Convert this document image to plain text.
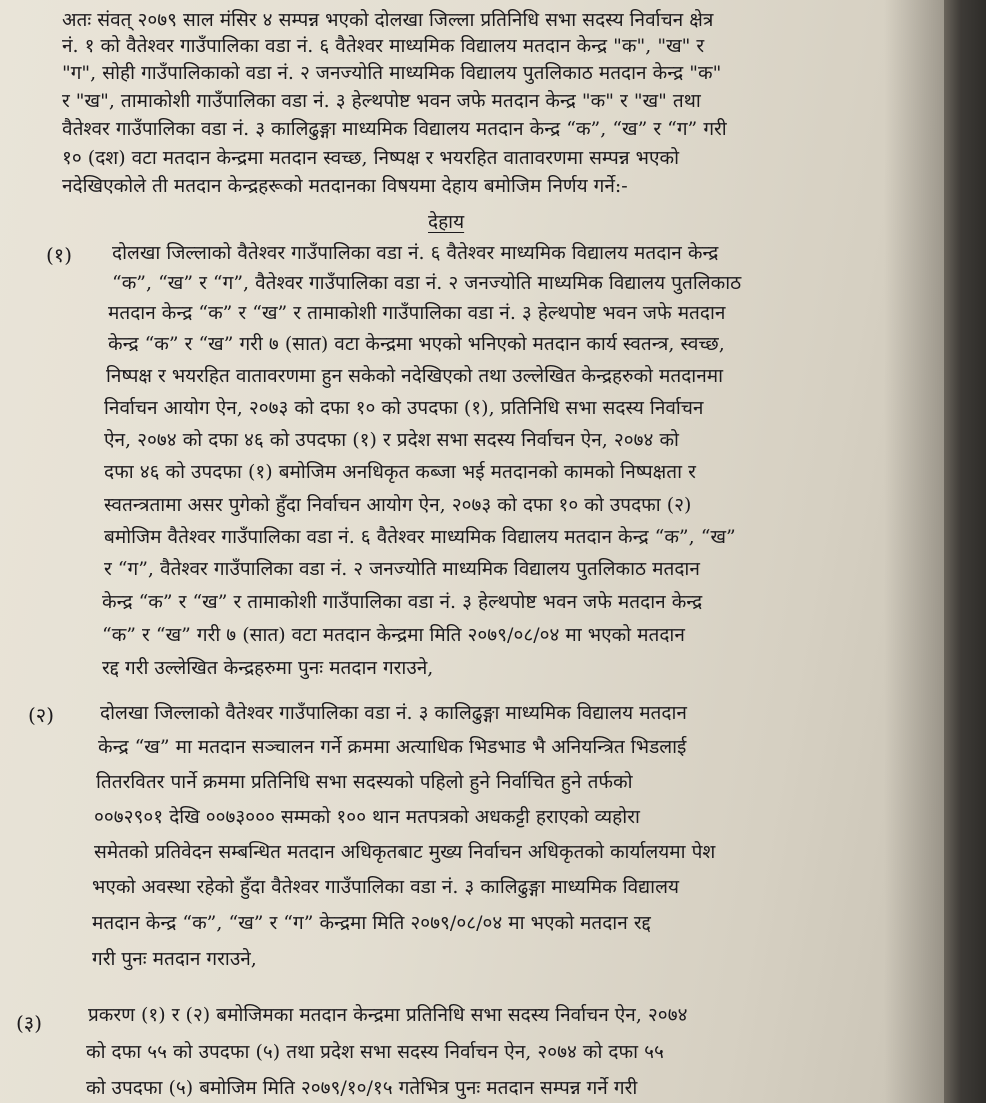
अतः संवत् २०७९ साल मंसिर ४ सम्पन्न भएको दोलखा जिल्ला प्रतिनिधि सभा सदस्य निर्वाचन क्षेत्र
नं. १ को वैतेश्वर गाउँपालिका वडा नं. ६ वैतेश्वर माध्यमिक विद्यालय मतदान केन्द्र "क", "ख" र
"ग", सोही गाउँपालिकाको वडा नं. २ जनज्योति माध्यमिक विद्यालय पुतलिकाठ मतदान केन्द्र "क"
र "ख", तामाकोशी गाउँपालिका वडा नं. ३ हेल्थपोष्ट भवन जफे मतदान केन्द्र "क" र "ख" तथा
वैतेश्वर गाउँपालिका वडा नं. ३ कालिढुङ्गा माध्यमिक विद्यालय मतदान केन्द्र “क”, “ख” र “ग” गरी
१० (दश) वटा मतदान केन्द्रमा मतदान स्वच्छ, निष्पक्ष र भयरहित वातावरणमा सम्पन्न भएको
नदेखिएकोले ती मतदान केन्द्रहरूको मतदानका विषयमा देहाय बमोजिम निर्णय गर्ने:-
देहाय
(१) दोलखा जिल्लाको वैतेश्वर गाउँपालिका वडा नं. ६ वैतेश्वर माध्यमिक विद्यालय मतदान केन्द्र
“क”, “ख” र “ग”, वैतेश्वर गाउँपालिका वडा नं. २ जनज्योति माध्यमिक विद्यालय पुतलिकाठ
मतदान केन्द्र “क” र “ख” र तामाकोशी गाउँपालिका वडा नं. ३ हेल्थपोष्ट भवन जफे मतदान
केन्द्र “क” र “ख” गरी ७ (सात) वटा केन्द्रमा भएको भनिएको मतदान कार्य स्वतन्त्र, स्वच्छ,
निष्पक्ष र भयरहित वातावरणमा हुन सकेको नदेखिएको तथा उल्लेखित केन्द्रहरुको मतदानमा
निर्वाचन आयोग ऐन, २०७३ को दफा १० को उपदफा (१), प्रतिनिधि सभा सदस्य निर्वाचन
ऐन, २०७४ को दफा ४६ को उपदफा (१) र प्रदेश सभा सदस्य निर्वाचन ऐन, २०७४ को
दफा ४६ को उपदफा (१) बमोजिम अनधिकृत कब्जा भई मतदानको कामको निष्पक्षता र
स्वतन्त्रतामा असर पुगेको हुँदा निर्वाचन आयोग ऐन, २०७३ को दफा १० को उपदफा (२)
बमोजिम वैतेश्वर गाउँपालिका वडा नं. ६ वैतेश्वर माध्यमिक विद्यालय मतदान केन्द्र “क”, “ख”
र “ग”, वैतेश्वर गाउँपालिका वडा नं. २ जनज्योति माध्यमिक विद्यालय पुतलिकाठ मतदान
केन्द्र “क” र “ख” र तामाकोशी गाउँपालिका वडा नं. ३ हेल्थपोष्ट भवन जफे मतदान केन्द्र
“क” र “ख” गरी ७ (सात) वटा मतदान केन्द्रमा मिति २०७९/०८/०४ मा भएको मतदान
रद्द गरी उल्लेखित केन्द्रहरुमा पुनः मतदान गराउने,
(२) दोलखा जिल्लाको वैतेश्वर गाउँपालिका वडा नं. ३ कालिढुङ्गा माध्यमिक विद्यालय मतदान
केन्द्र “ख” मा मतदान सञ्चालन गर्ने क्रममा अत्याधिक भिडभाड भै अनियन्त्रित भिडलाई
तितरवितर पार्ने क्रममा प्रतिनिधि सभा सदस्यको पहिलो हुने निर्वाचित हुने तर्फको
००७२९०१ देखि ००७३००० सम्मको १०० थान मतपत्रको अधकट्टी हराएको व्यहोरा
समेतको प्रतिवेदन सम्बन्धित मतदान अधिकृतबाट मुख्य निर्वाचन अधिकृतको कार्यालयमा पेश
भएको अवस्था रहेको हुँदा वैतेश्वर गाउँपालिका वडा नं. ३ कालिढुङ्गा माध्यमिक विद्यालय
मतदान केन्द्र “क”, “ख” र “ग” केन्द्रमा मिति २०७९/०८/०४ मा भएको मतदान रद्द
गरी पुनः मतदान गराउने,
(३) प्रकरण (१) र (२) बमोजिमका मतदान केन्द्रमा प्रतिनिधि सभा सदस्य निर्वाचन ऐन, २०७४
को दफा ५५ को उपदफा (५) तथा प्रदेश सभा सदस्य निर्वाचन ऐन, २०७४ को दफा ५५
को उपदफा (५) बमोजिम मिति २०७९/१०/१५ गतेभित्र पुनः मतदान सम्पन्न गर्ने गरी
